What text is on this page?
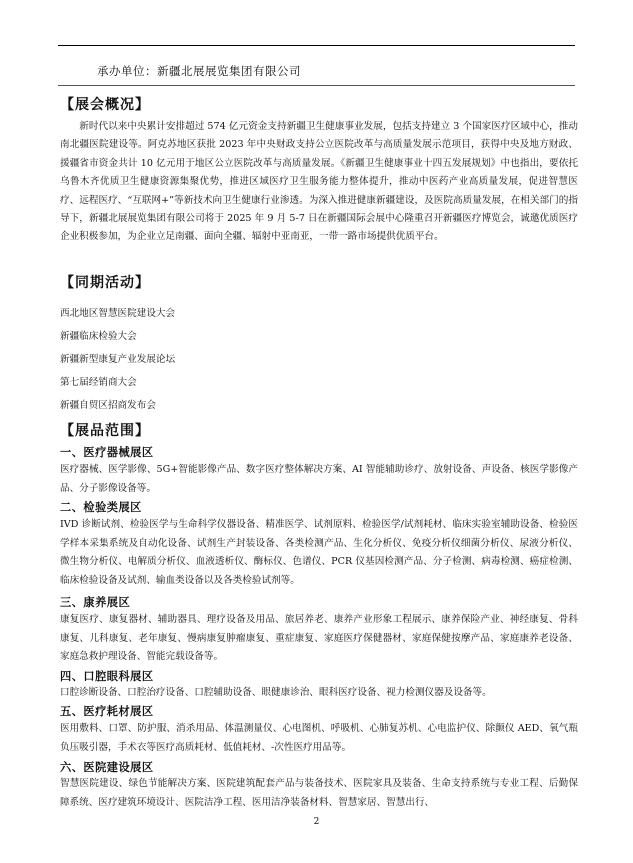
承办单位：新疆北展展览集团有限公司
【展会概况】

新时代以来中央累计安排超过 574 亿元资金支持新疆卫生健康事业发展，包括支持建立 3 个国家医疗区域中心，推动南北疆医院建设等。阿克苏地区获批 2023 年中央财政支持公立医院改革与高质量发展示范项目，获得中央及地方财政、援疆省市资金共计 10 亿元用于地区公立医院改革与高质量发展。《新疆卫生健康事业十四五发展规划》中也指出，要依托乌鲁木齐优质卫生健康资源集聚优势，推进区域医疗卫生服务能力整体提升，推动中医药产业高质量发展，促进智慧医疗、远程医疗、“互联网+”等新技术向卫生健康行业渗透。为深入推进健康新疆建设，及医院高质量发展，在相关部门的指导下，新疆北展展览集团有限公司将于 2025 年 9 月 5-7 日在新疆国际会展中心隆重召开新疆医疗博览会，诚邀优质医疗企业积极参加，为企业立足南疆、面向全疆、辐射中亚南亚，一带一路市场提供优质平台。

【同期活动】
西北地区智慧医院建设大会
新疆临床检验大会
新疆新型康复产业发展论坛
第七届经销商大会
新疆自贸区招商发布会
【展品范围】
一、医疗器械展区

医疗器械、医学影像、5G+智能影像产品、数字医疗整体解决方案、AI 智能辅助诊疗、放射设备、声设备、核医学影像产品、分子影像设备等。

二、检验类展区

IVD 诊断试剂、检验医学与生命科学仪器设备、精准医学、试剂原料、检验医学/试剂耗材、临床实验室辅助设备、检验医学样本采集系统及自动化设备、试剂生产封装设备、各类检测产品、生化分析仪、免疫分析仪细菌分析仪、尿液分析仪、微生物分析仪、电解质分析仪、血液透析仪、酶标仪、色谱仪、PCR 仪基因检测产品、分子检测、病毒检测、癌症检测、临床检验设备及试剂、输血类设备以及各类检验试剂等。

三、康养展区

康复医疗、康复器材、辅助器具、理疗设备及用品、旅居养老、康养产业形象工程展示、康养保险产业、神经康复、骨科康复、儿科康复、老年康复、慢病康复肿瘤康复、重症康复、家庭医疗保健器材、家庭保健按摩产品、家庭康养老设备、家庭急救护理设备、智能完载设备等。

四、口腔眼科展区

口腔诊断设备、口腔治疗设备、口腔辅助设备、眼健康诊治、眼科医疗设备、视力检测仪器及设备等。

五、医疗耗材展区

医用敷料、口罩、防护服、消杀用品、体温测量仪、心电图机、呼吸机、心肺复苏机、心电监护仪、除颤仪 AED、氧气瓶负压吸引器，手术衣等医疗高质耗材、低值耗材、-次性医疗用品等。

六、医院建设展区

智慧医院建设、绿色节能解决方案、医院建筑配套产品与装备技术、医院家具及装备、生命支持系统与专业工程、后勤保障系统、医疗建筑环境设计、医院洁净工程、医用洁净装备材料、智慧家居、智慧出行、

2
